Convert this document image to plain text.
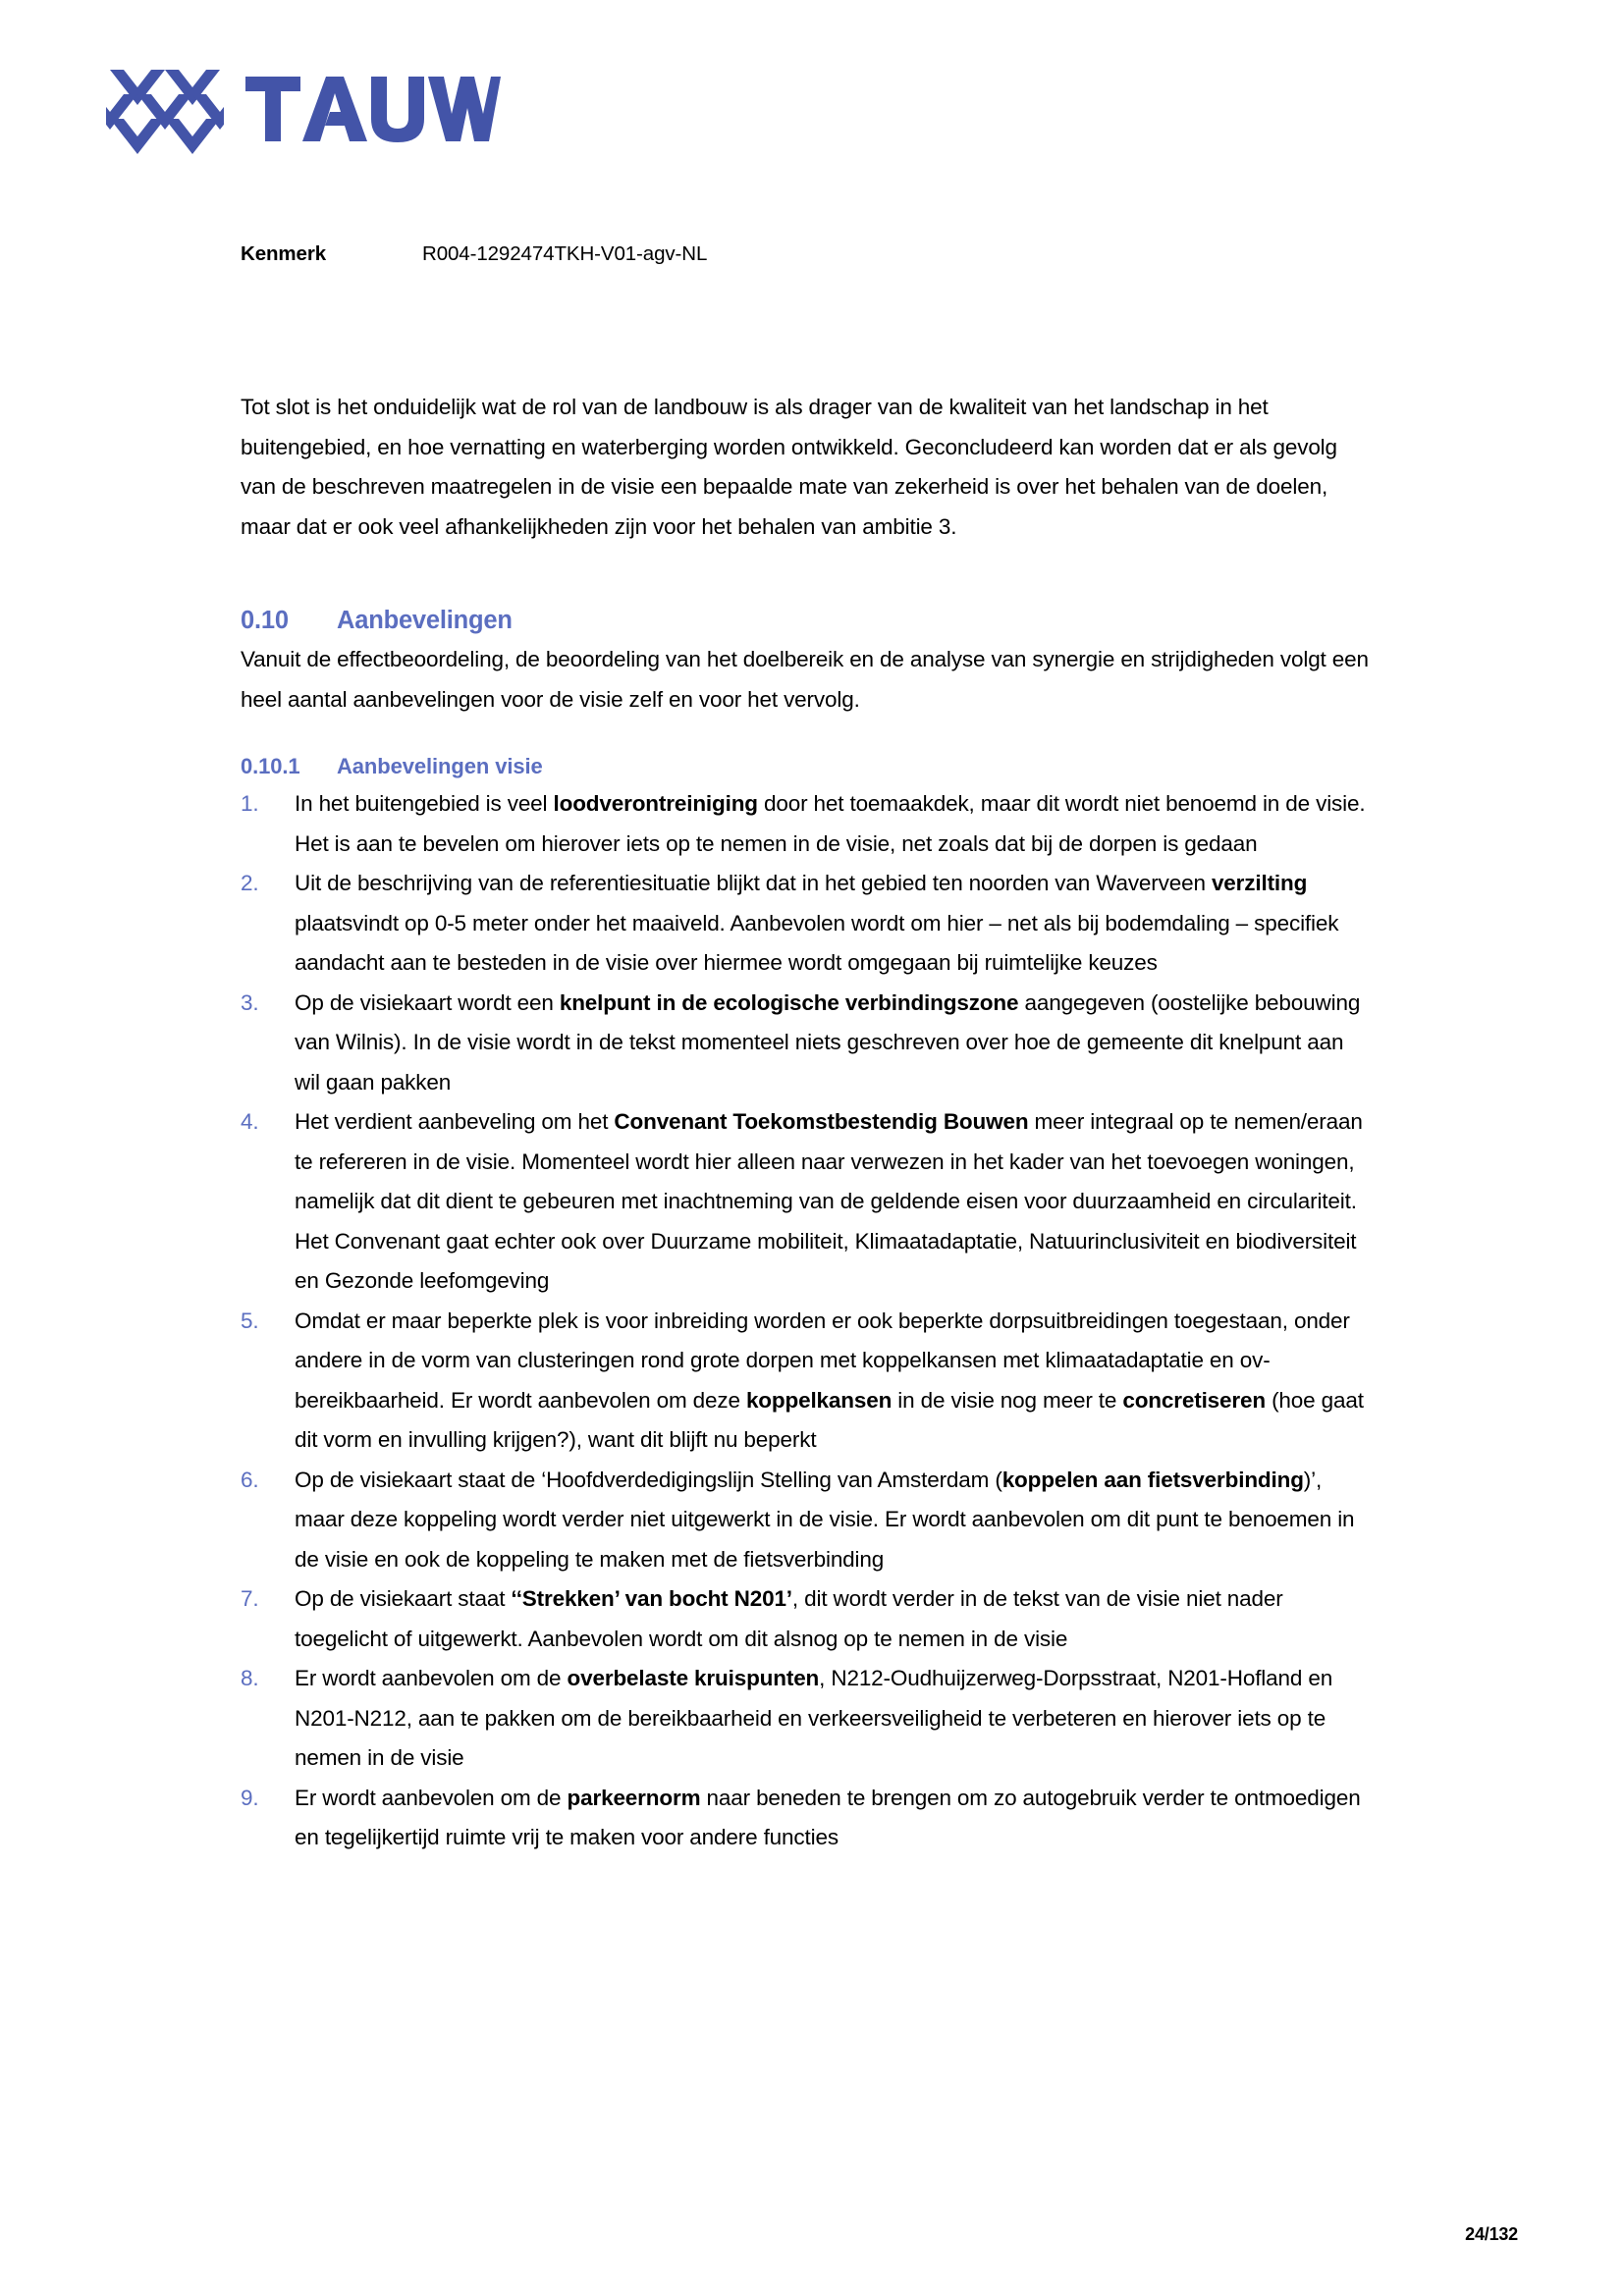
Kenmerk	R004-1292474TKH-V01-agv-NL

Tot slot is het onduidelijk wat de rol van de landbouw is als drager van de kwaliteit van het landschap in het buitengebied, en hoe vernatting en waterberging worden ontwikkeld. Geconcludeerd kan worden dat er als gevolg van de beschreven maatregelen in de visie een bepaalde mate van zekerheid is over het behalen van de doelen, maar dat er ook veel afhankelijkheden zijn voor het behalen van ambitie 3.

0.10	Aanbevelingen

Vanuit de effectbeoordeling, de beoordeling van het doelbereik en de analyse van synergie en strijdigheden volgt een heel aantal aanbevelingen voor de visie zelf en voor het vervolg.

0.10.1	Aanbevelingen visie
1.	In het buitengebied is veel loodverontreiniging door het toemaakdek, maar dit wordt niet benoemd in de visie. Het is aan te bevelen om hierover iets op te nemen in de visie, net zoals dat bij de dorpen is gedaan
2.	Uit de beschrijving van de referentiesituatie blijkt dat in het gebied ten noorden van Waverveen verzilting plaatsvindt op 0-5 meter onder het maaiveld. Aanbevolen wordt om hier – net als bij bodemdaling – specifiek aandacht aan te besteden in de visie over hiermee wordt omgegaan bij ruimtelijke keuzes
3.	Op de visiekaart wordt een knelpunt in de ecologische verbindingszone aangegeven (oostelijke bebouwing van Wilnis). In de visie wordt in de tekst momenteel niets geschreven over hoe de gemeente dit knelpunt aan wil gaan pakken
4.	Het verdient aanbeveling om het Convenant Toekomstbestendig Bouwen meer integraal op te nemen/eraan te refereren in de visie. Momenteel wordt hier alleen naar verwezen in het kader van het toevoegen woningen, namelijk dat dit dient te gebeuren met inachtneming van de geldende eisen voor duurzaamheid en circulariteit. Het Convenant gaat echter ook over Duurzame mobiliteit, Klimaatadaptatie, Natuurinclusiviteit en biodiversiteit en Gezonde leefomgeving
5.	Omdat er maar beperkte plek is voor inbreiding worden er ook beperkte dorpsuitbreidingen toegestaan, onder andere in de vorm van clusteringen rond grote dorpen met koppelkansen met klimaatadaptatie en ov-bereikbaarheid. Er wordt aanbevolen om deze koppelkansen in de visie nog meer te concretiseren (hoe gaat dit vorm en invulling krijgen?), want dit blijft nu beperkt
6.	Op de visiekaart staat de ‘Hoofdverdedigingslijn Stelling van Amsterdam (koppelen aan fietsverbinding)’, maar deze koppeling wordt verder niet uitgewerkt in de visie. Er wordt aanbevolen om dit punt te benoemen in de visie en ook de koppeling te maken met de fietsverbinding
7.	Op de visiekaart staat ‘‘Strekken’ van bocht N201’, dit wordt verder in de tekst van de visie niet nader toegelicht of uitgewerkt. Aanbevolen wordt om dit alsnog op te nemen in de visie
8.	Er wordt aanbevolen om de overbelaste kruispunten, N212-Oudhuijzerweg-Dorpsstraat, N201-Hofland en N201-N212, aan te pakken om de bereikbaarheid en verkeersveiligheid te verbeteren en hierover iets op te nemen in de visie
9.	Er wordt aanbevolen om de parkeernorm naar beneden te brengen om zo autogebruik verder te ontmoedigen en tegelijkertijd ruimte vrij te maken voor andere functies
24/132
